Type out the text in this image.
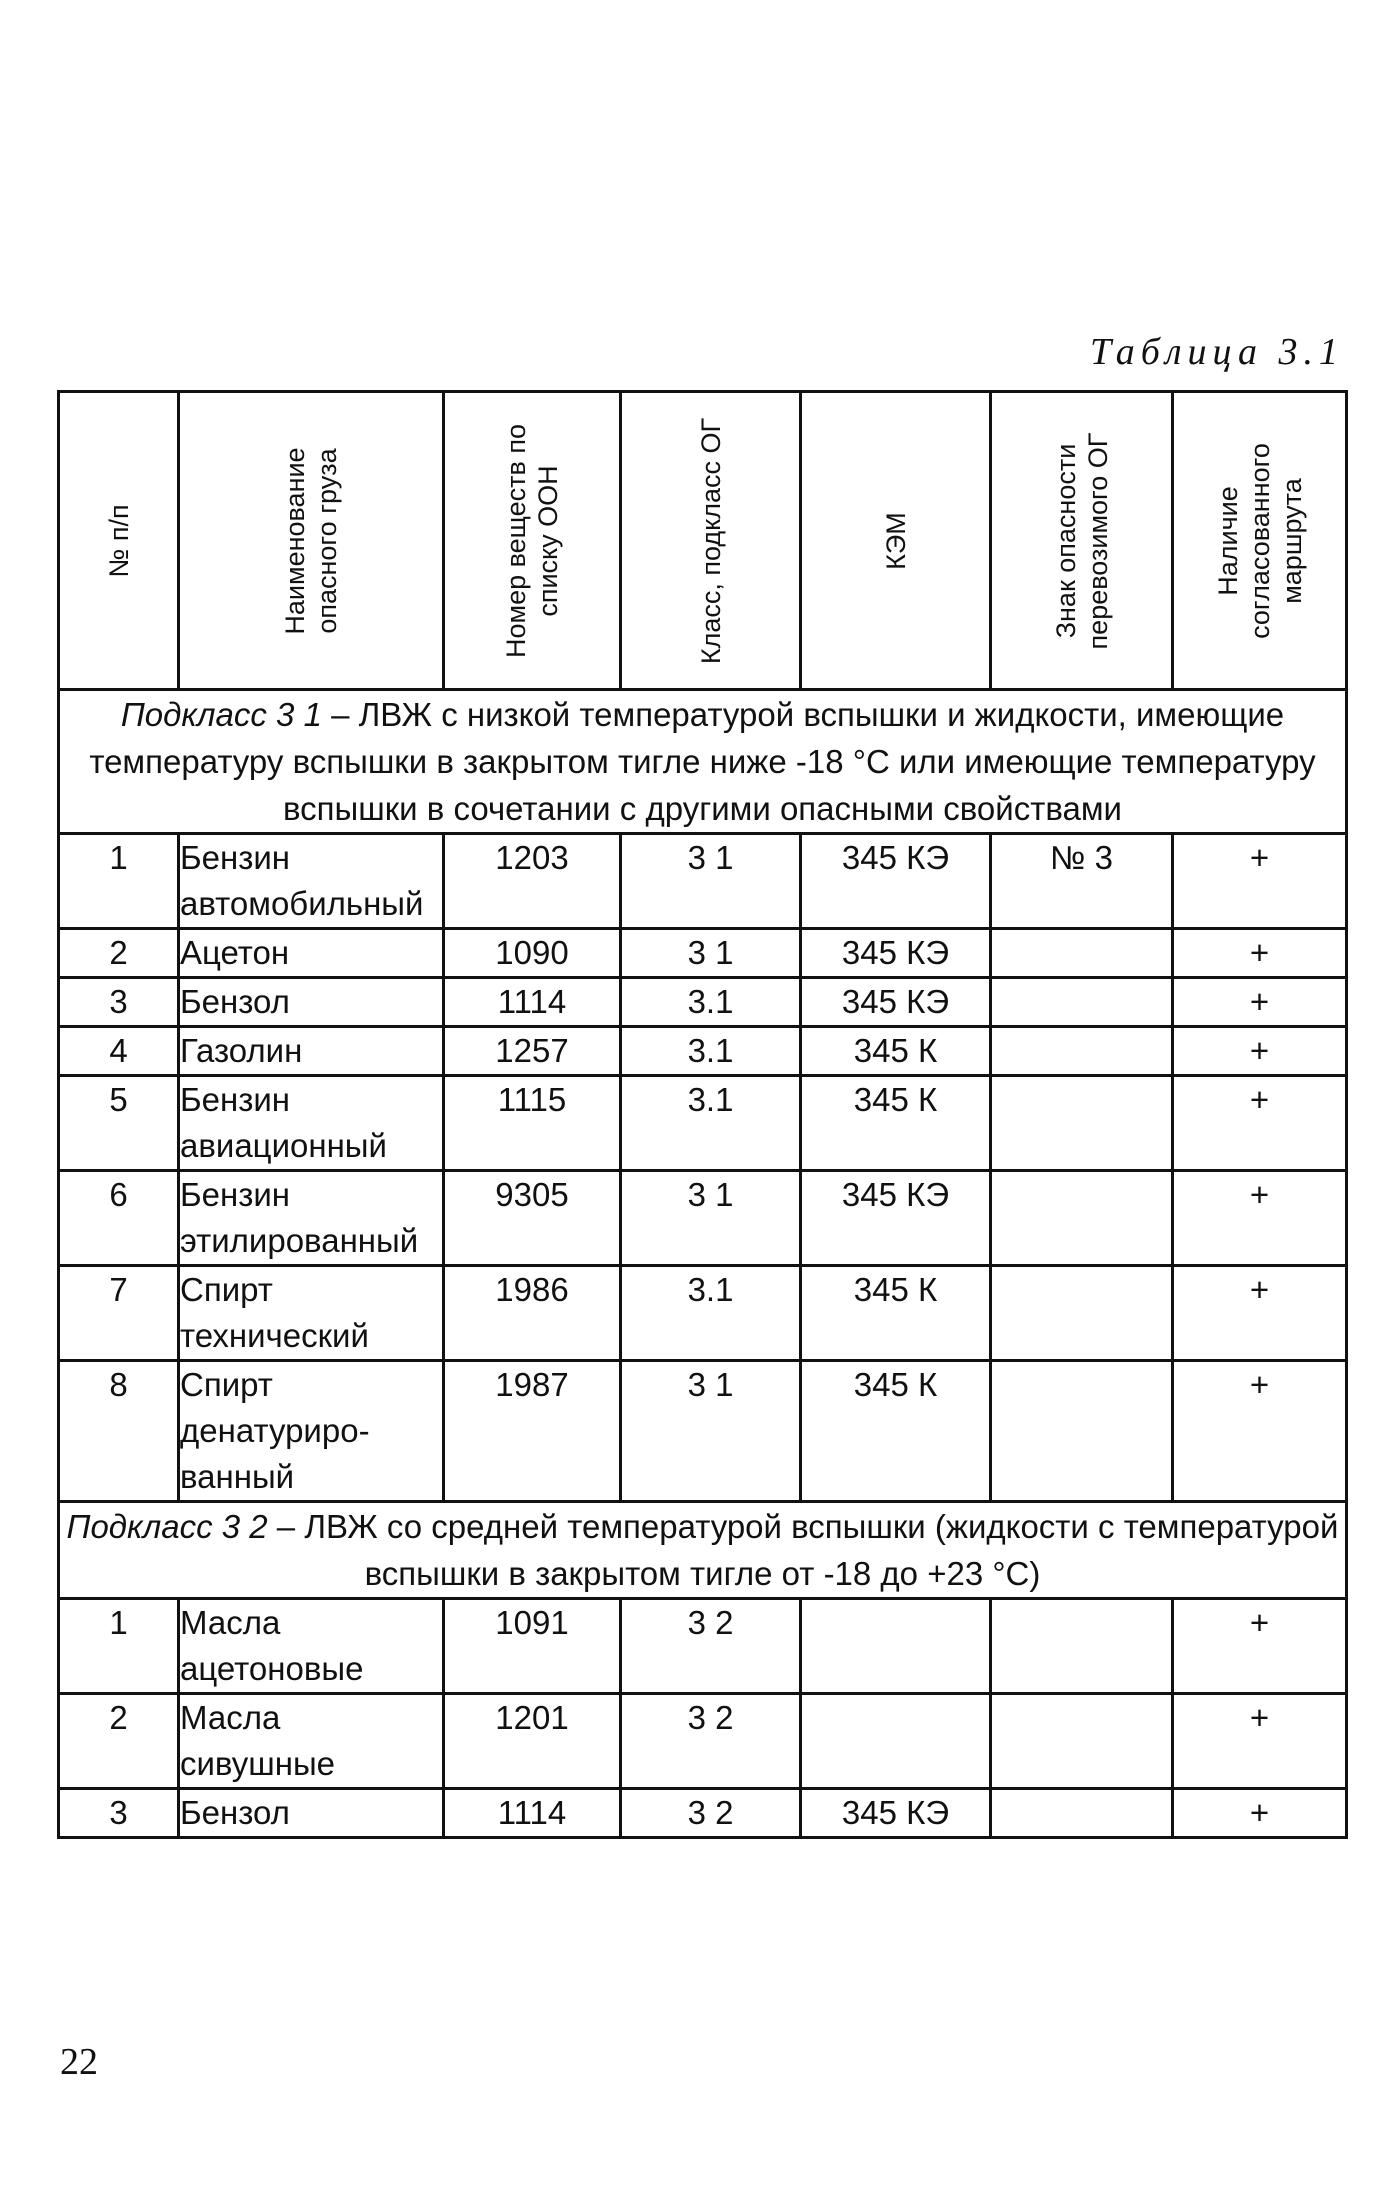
Таблица 3.1
№ п/п	Наименование опасного груза	Номер веществ по списку ООН	Класс, подкласс ОГ	КЭМ	Знак опасности перевозимого ОГ	Наличие согласованного маршрута

Подкласс 3 1 – ЛВЖ с низкой температурой вспышки и жидкости, имеющие температуру вспышки в закрытом тигле ниже -18 °С или имеющие температуру вспышки в сочетании с другими опасными свойствами						
1	Бензин автомобильный	1203	3 1	345 КЭ	№ 3	+
2	Ацетон	1090	3 1	345 КЭ		+
3	Бензол	1114	3.1	345 КЭ		+
4	Газолин	1257	3.1	345 К		+
5	Бензин авиационный	1115	3.1	345 К		+
6	Бензин этилированный	9305	3 1	345 КЭ		+
7	Спирт технический	1986	3.1	345 К		+
8	Спирт денатуриро-ванный	1987	3 1	345 К		+
Подкласс 3 2 – ЛВЖ со средней температурой вспышки (жидкости с температурой вспышки в закрытом тигле от -18 до +23 °С)						
1	Масла ацетоновые	1091	3 2			+
2	Масла сивушные	1201	3 2			+
3	Бензол	1114	3 2	345 КЭ		+
22
